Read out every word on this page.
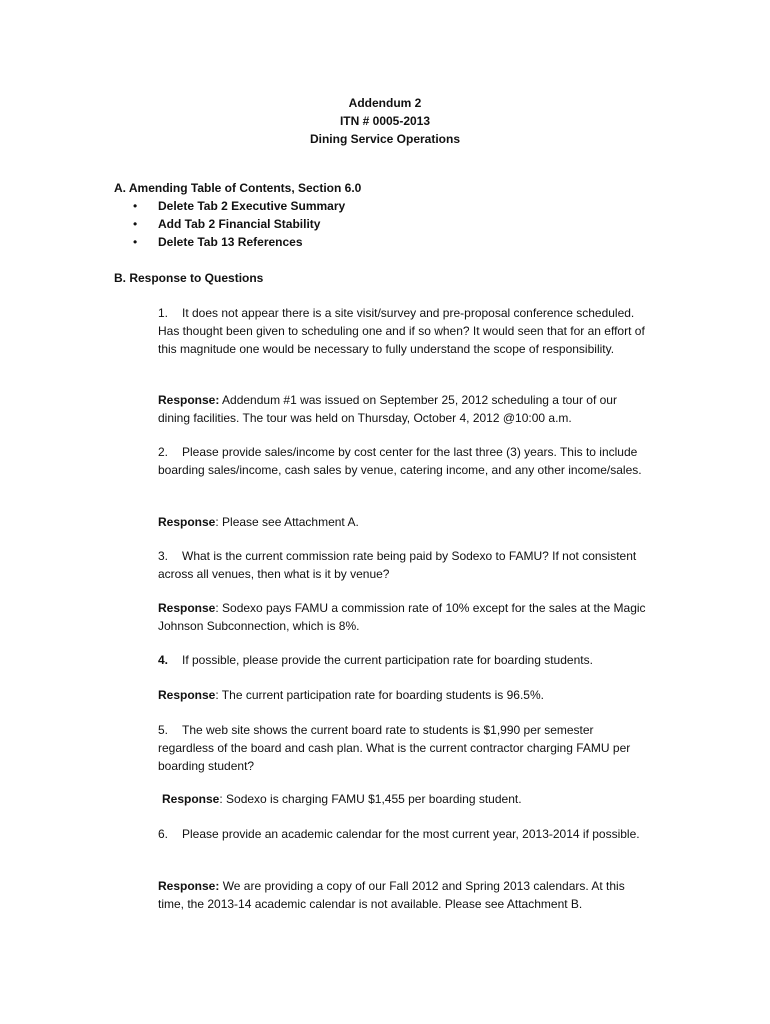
Addendum 2
ITN # 0005-2013
Dining Service Operations
A. Amending Table of Contents, Section 6.0
• Delete Tab 2 Executive Summary
• Add Tab 2 Financial Stability
• Delete Tab 13 References
B. Response to Questions

1. It does not appear there is a site visit/survey and pre-proposal conference scheduled. Has thought been given to scheduling one and if so when? It would seen that for an effort of this magnitude one would be necessary to fully understand the scope of responsibility.

Response: Addendum #1 was issued on September 25, 2012 scheduling a tour of our dining facilities. The tour was held on Thursday, October 4, 2012 @10:00 a.m.

2. Please provide sales/income by cost center for the last three (3) years. This to include boarding sales/income, cash sales by venue, catering income, and any other income/sales.

Response: Please see Attachment A.

3. What is the current commission rate being paid by Sodexo to FAMU? If not consistent across all venues, then what is it by venue?

Response: Sodexo pays FAMU a commission rate of 10% except for the sales at the Magic Johnson Subconnection, which is 8%.

4. If possible, please provide the current participation rate for boarding students.

Response: The current participation rate for boarding students is 96.5%.

5. The web site shows the current board rate to students is $1,990 per semester regardless of the board and cash plan. What is the current contractor charging FAMU per boarding student?

Response: Sodexo is charging FAMU $1,455 per boarding student.

6. Please provide an academic calendar for the most current year, 2013-2014 if possible.

Response: We are providing a copy of our Fall 2012 and Spring 2013 calendars. At this time, the 2013-14 academic calendar is not available. Please see Attachment B.
